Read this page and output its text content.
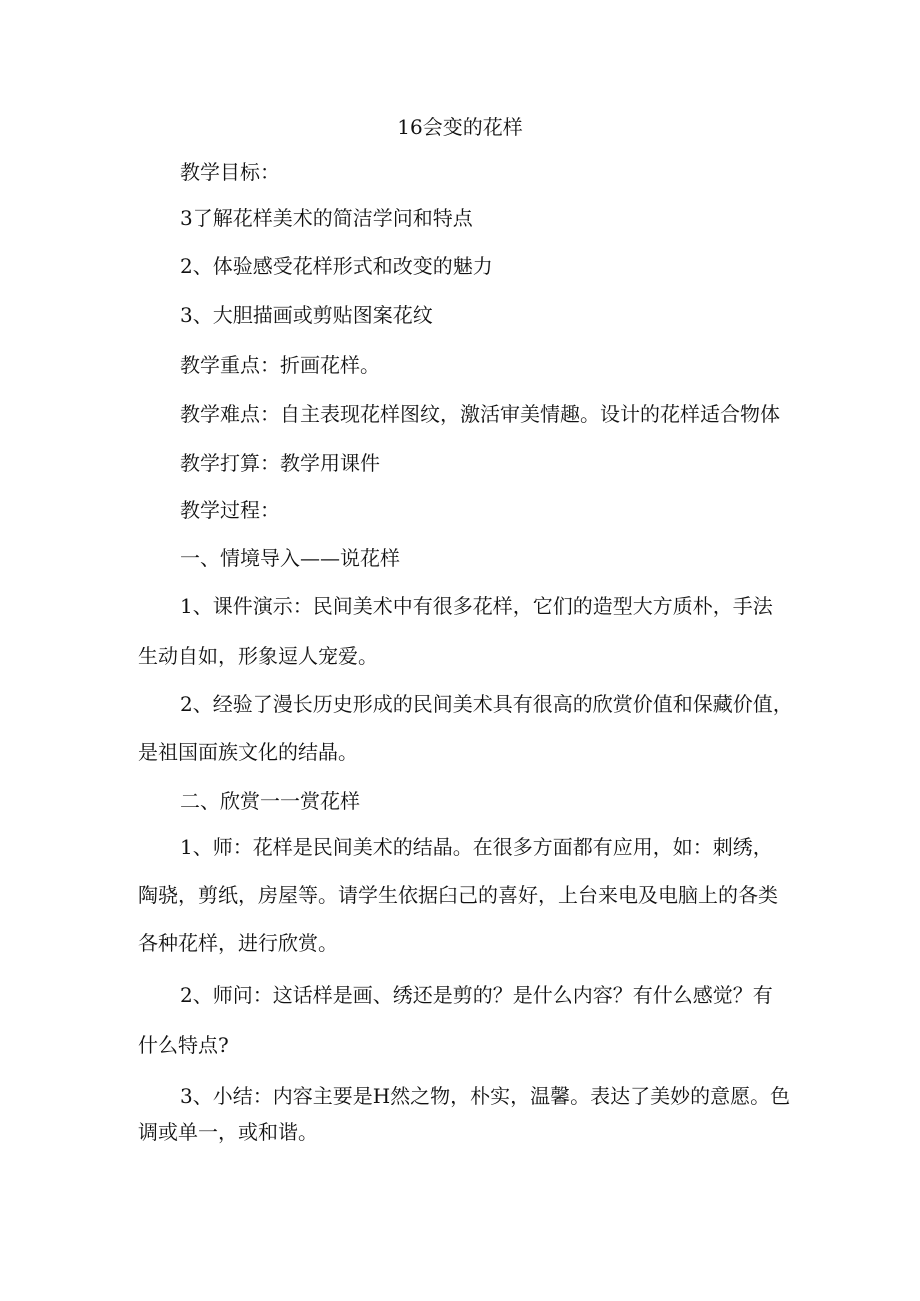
16会变的花样

教学目标：

3了解花样美术的简洁学问和特点

2、体验感受花样形式和改变的魅力

3、大胆描画或剪贴图案花纹

教学重点：折画花样。

教学难点：自主表现花样图纹，激活审美情趣。设计的花样适合物体

教学打算：教学用课件

教学过程：

一、情境导入——说花样

1、课件演示：民间美术中有很多花样，它们的造型大方质朴，手法
生动自如，形象逗人宠爱。
2、经验了漫长历史形成的民间美术具有很高的欣赏价值和保藏价值，
是祖国面族文化的结晶。

二、欣赏一一赏花样

1、师：花样是民间美术的结晶。在很多方面都有应用，如：刺绣，
陶骁，剪纸，房屋等。请学生依据臼己的喜好，上台来电及电脑上的各类
各种花样，进行欣赏。
2、师问：这话样是画、绣还是剪的？是什么内容？有什么感觉？有
什么特点?
3、小结：内容主要是H然之物，朴实，温馨。表达了美妙的意愿。色
调或单一，或和谐。
